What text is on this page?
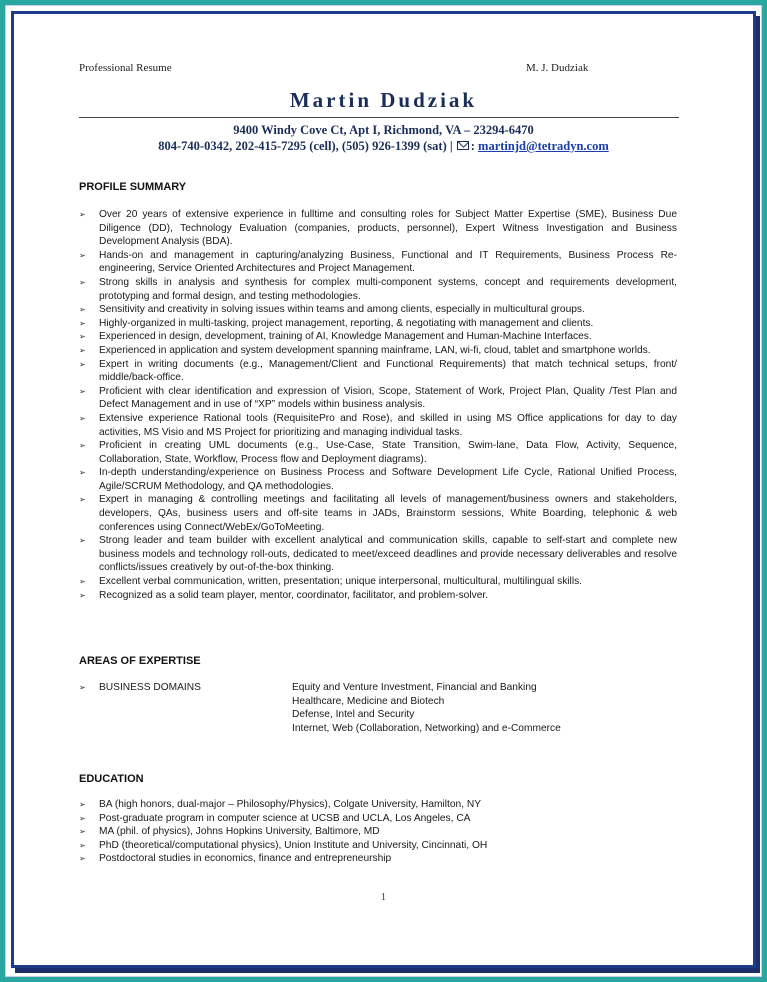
Professional Resume	M. J. Dudziak
Martin Dudziak
9400 Windy Cove Ct, Apt I, Richmond, VA – 23294-6470
804-740-0342, 202-415-7295 (cell), (505) 926-1399 (sat) | : martinjd@tetradyn.com
PROFILE SUMMARY
➢ Over 20 years of extensive experience in fulltime and consulting roles for Subject Matter Expertise (SME), Business Due Diligence (DD), Technology Evaluation (companies, products, personnel), Expert Witness Investigation and Business Development Analysis (BDA).
➢ Hands-on and management in capturing/analyzing Business, Functional and IT Requirements, Business Process Re-engineering, Service Oriented Architectures and Project Management.
➢ Strong skills in analysis and synthesis for complex multi-component systems, concept and requirements development, prototyping and formal design, and testing methodologies.
➢ Sensitivity and creativity in solving issues within teams and among clients, especially in multicultural groups.
➢ Highly-organized in multi-tasking, project management, reporting, & negotiating with management and clients.
➢ Experienced in design, development, training of AI, Knowledge Management and Human-Machine Interfaces.
➢ Experienced in application and system development spanning mainframe, LAN, wi-fi, cloud, tablet and smartphone worlds.
➢ Expert in writing documents (e.g., Management/Client and Functional Requirements) that match technical setups, front/ middle/back-office.
➢ Proficient with clear identification and expression of Vision, Scope, Statement of Work, Project Plan, Quality /Test Plan and Defect Management and in use of “XP” models within business analysis.
➢ Extensive experience Rational tools (RequisitePro and Rose), and skilled in using MS Office applications for day to day activities, MS Visio and MS Project for prioritizing and managing individual tasks.
➢ Proficient in creating UML documents (e.g., Use-Case, State Transition, Swim-lane, Data Flow, Activity, Sequence, Collaboration, State, Workflow, Process flow and Deployment diagrams).
➢ In-depth understanding/experience on Business Process and Software Development Life Cycle, Rational Unified Process, Agile/SCRUM Methodology, and QA methodologies.
➢ Expert in managing & controlling meetings and facilitating all levels of management/business owners and stakeholders, developers, QAs, business users and off-site teams in JADs, Brainstorm sessions, White Boarding, telephonic & web conferences using Connect/WebEx/GoToMeeting.
➢ Strong leader and team builder with excellent analytical and communication skills, capable to self-start and complete new business models and technology roll-outs, dedicated to meet/exceed deadlines and provide necessary deliverables and resolve conflicts/issues creatively by out-of-the-box thinking.
➢ Excellent verbal communication, written, presentation; unique interpersonal, multicultural, multilingual skills.
➢ Recognized as a solid team player, mentor, coordinator, facilitator, and problem-solver.
AREAS OF EXPERTISE
➢ BUSINESS DOMAINS	Equity and Venture Investment, Financial and Banking
Healthcare, Medicine and Biotech
Defense, Intel and Security
Internet, Web (Collaboration, Networking) and e-Commerce
EDUCATION
➢ BA (high honors, dual-major – Philosophy/Physics), Colgate University, Hamilton, NY
➢ Post-graduate program in computer science at UCSB and UCLA, Los Angeles, CA
➢ MA (phil. of physics), Johns Hopkins University, Baltimore, MD
➢ PhD (theoretical/computational physics), Union Institute and University, Cincinnati, OH
➢ Postdoctoral studies in economics, finance and entrepreneurship
1
